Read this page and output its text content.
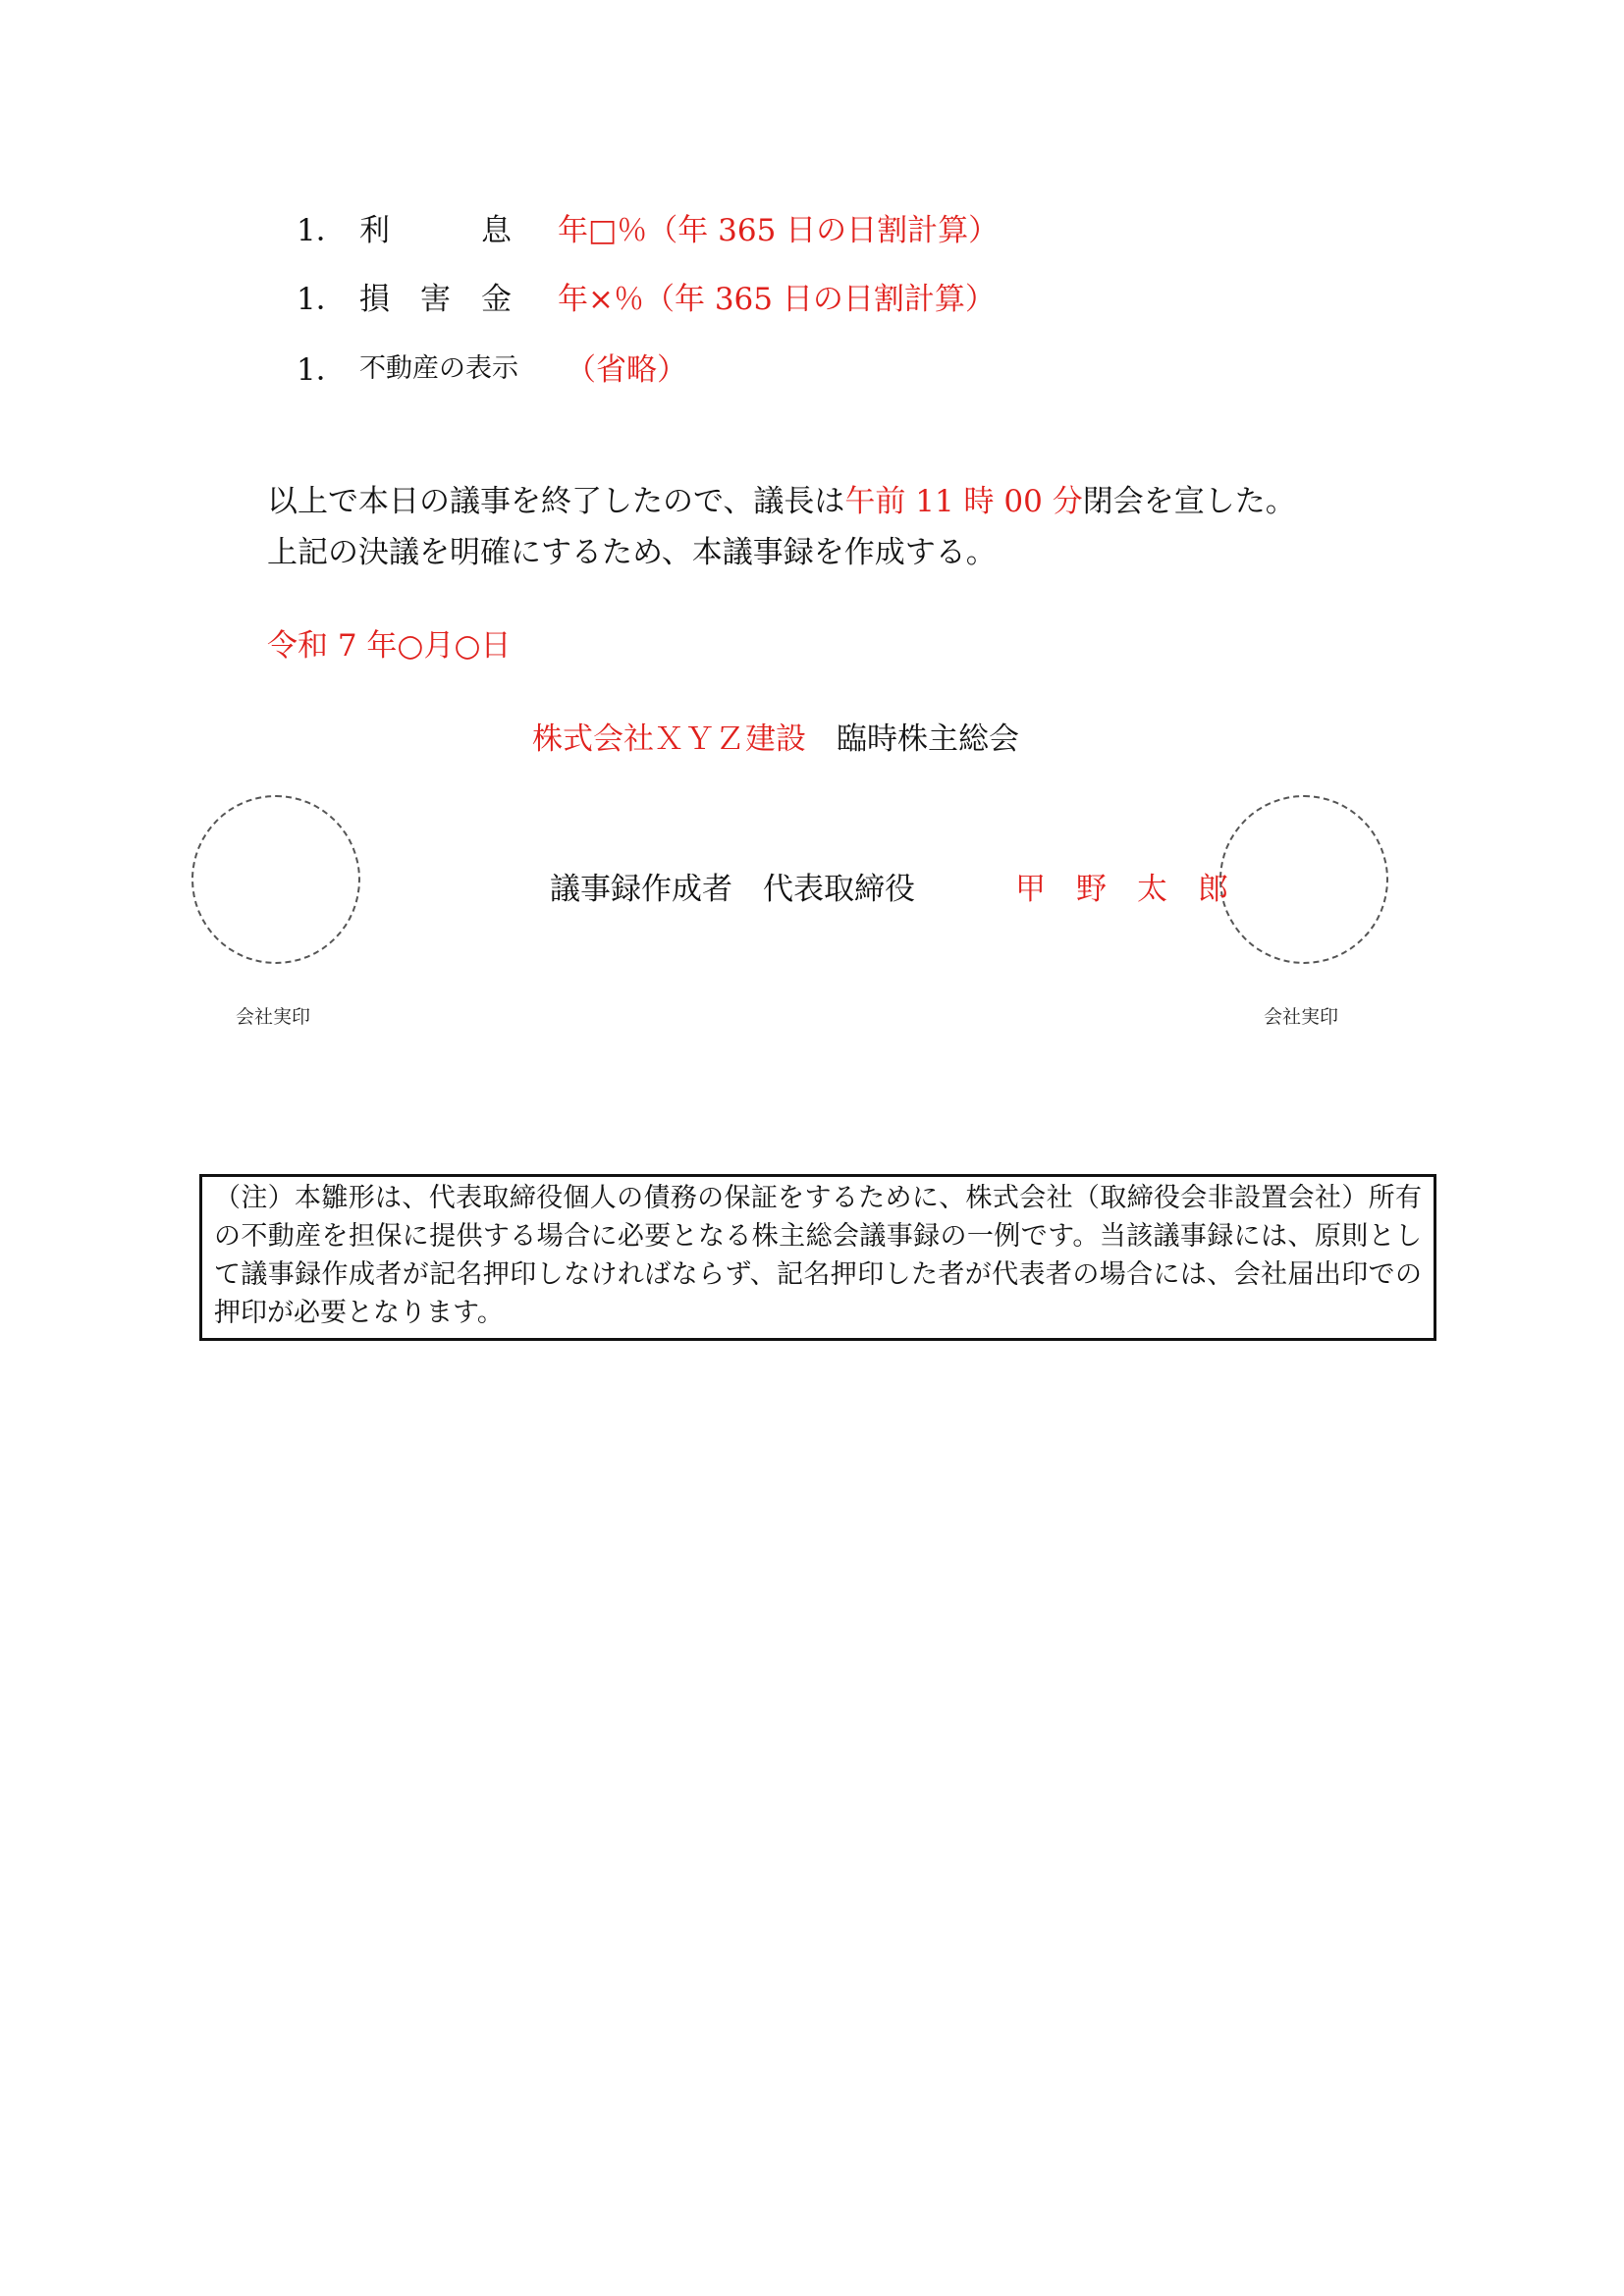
1． 利　　　息 年□％（年 365 日の日割計算）
1． 損　害　金 年×％（年 365 日の日割計算）
1． 不動産の表示 （省略）
以上で本日の議事を終了したので、議長は午前 11 時 00 分閉会を宣した。
上記の決議を明確にするため、本議事録を作成する。
令和 7 年○月○日
株式会社ＸＹＺ建設　 臨時株主総会
会社実印	会社実印
議事録作成者　代表取締役	甲　野　太　郎
（注）本雛形は、代表取締役個人の債務の保証をするために、株式会社（取締役会非設置会社）所有の不動産を担保に提供する場合に必要となる株主総会議事録の一例です。当該議事録には、原則として議事録作成者が記名押印しなければならず、記名押印した者が代表者の場合には、会社届出印での押印が必要となります。
